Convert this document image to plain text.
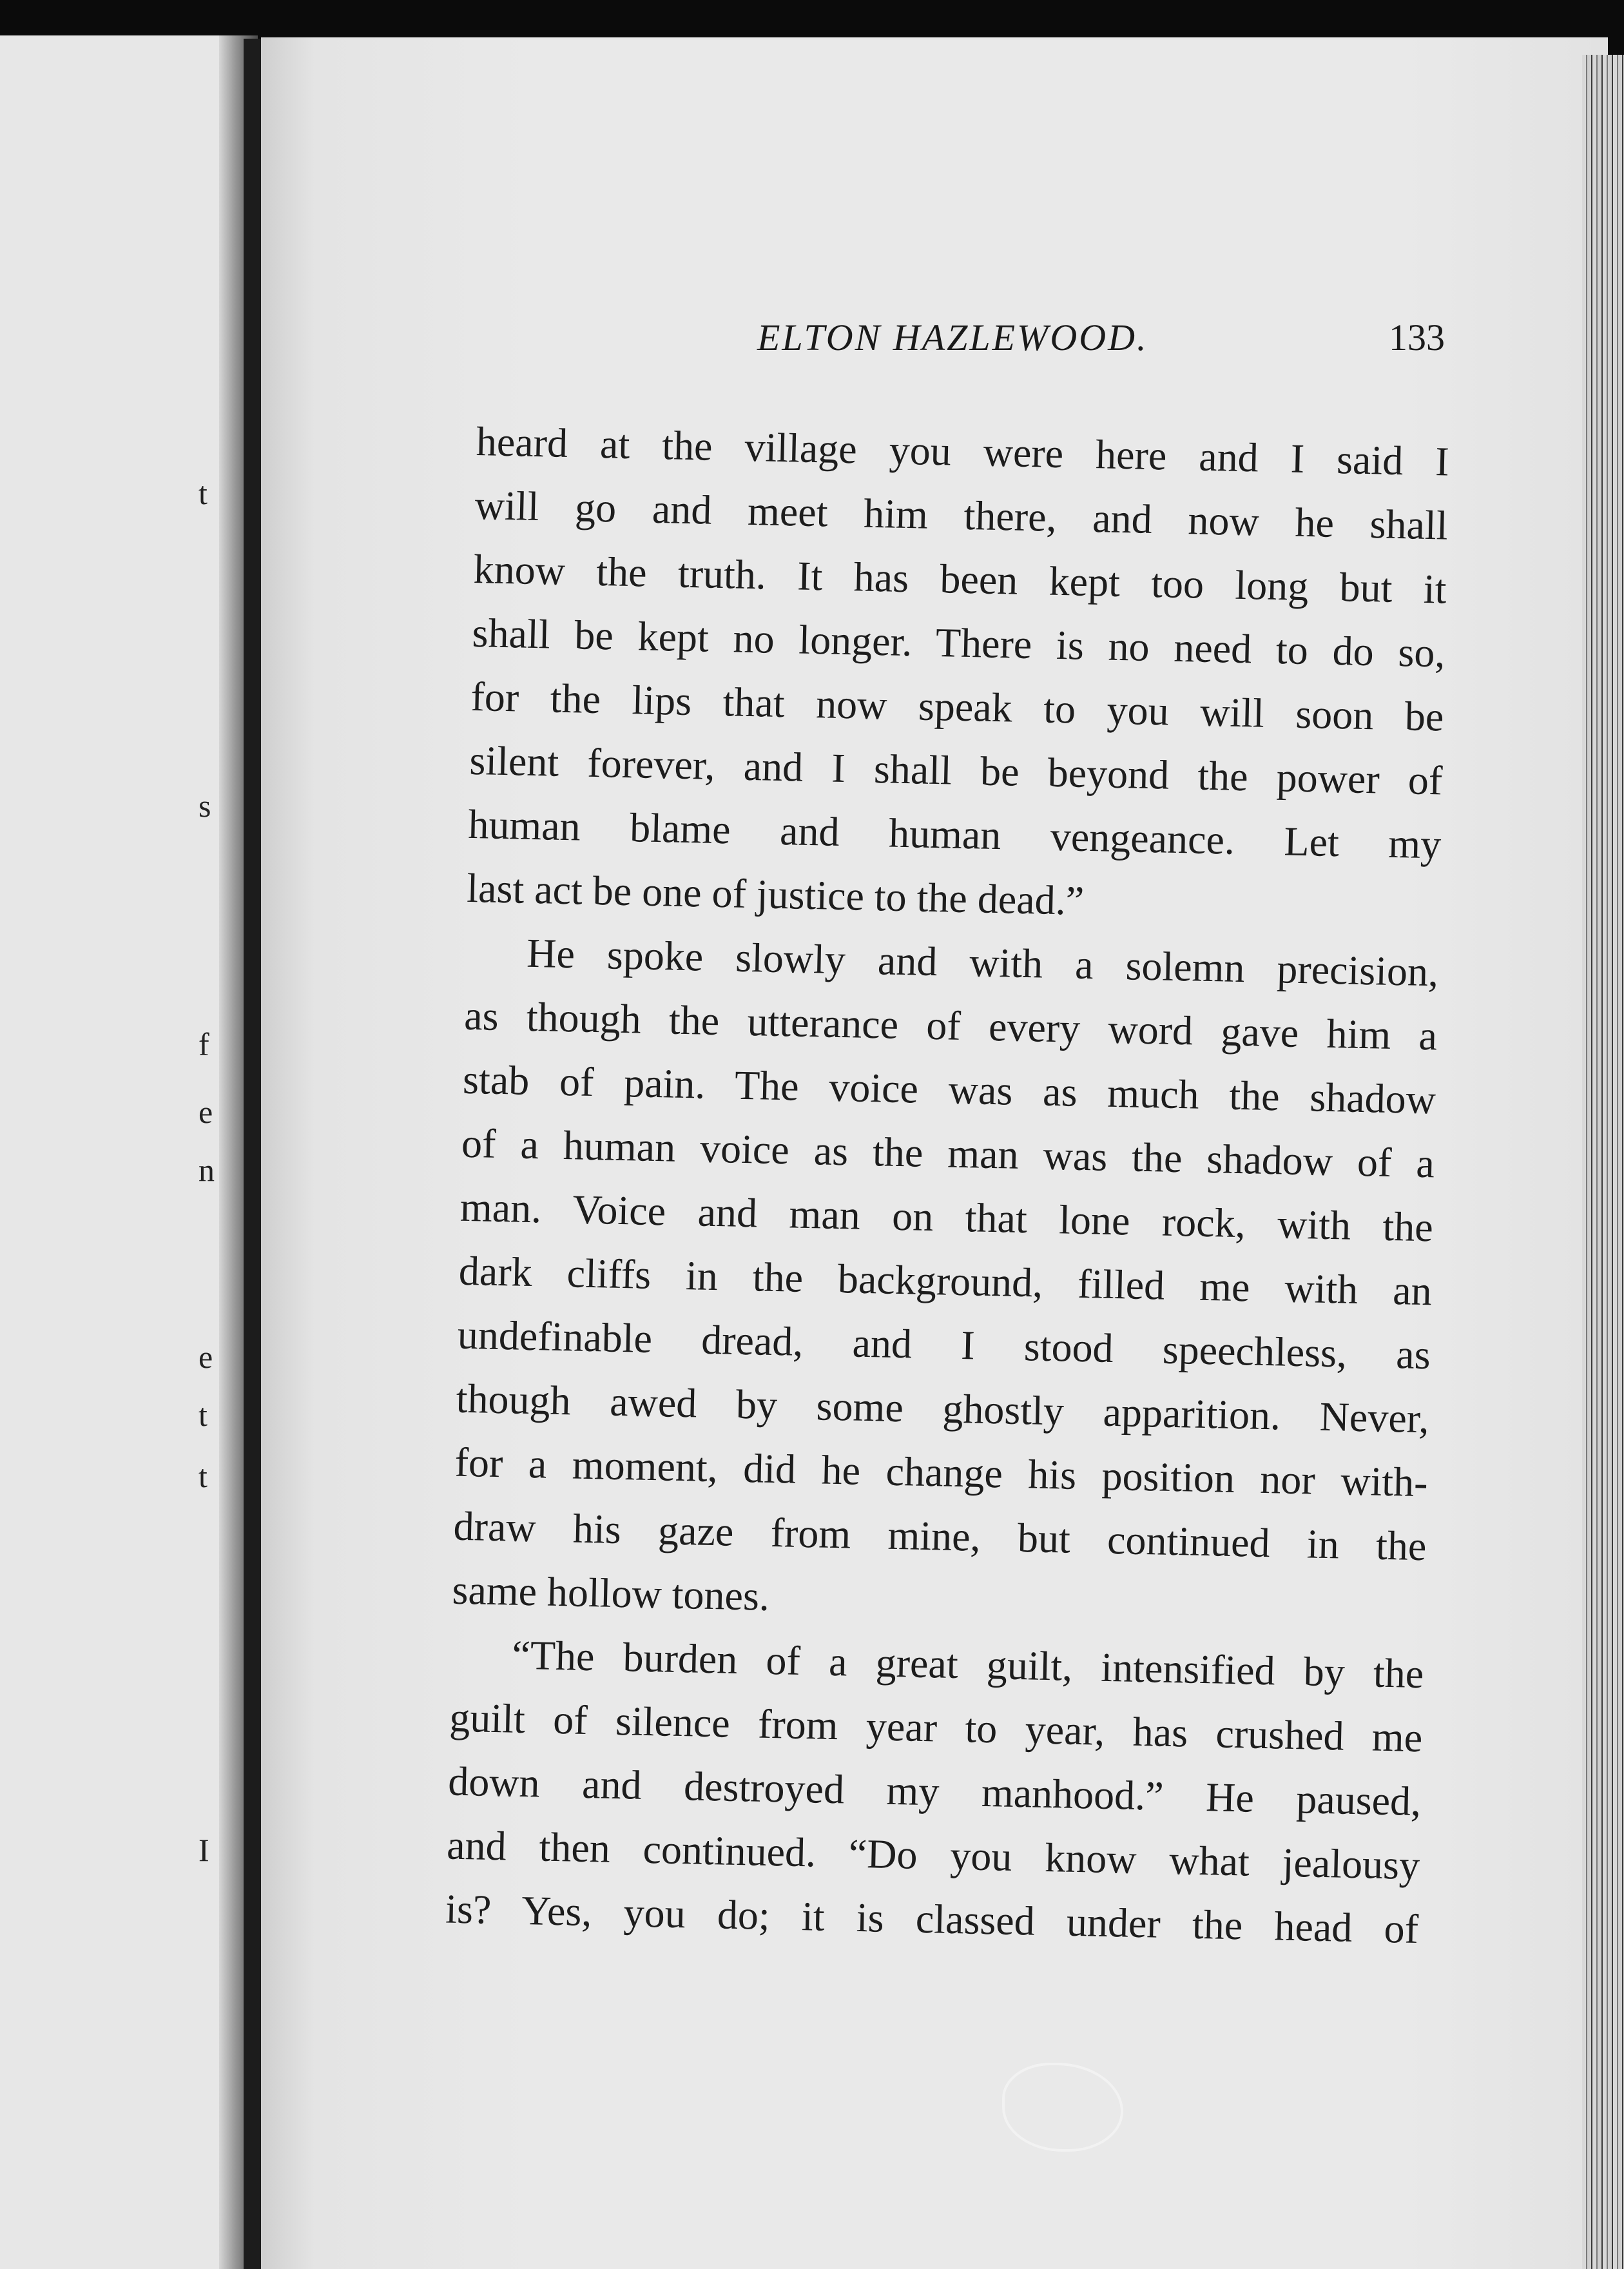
t
s
f
e
n
e
t
t
I
ELTON HAZLEWOOD.	133
heard at the village you were here and I said I
will go and meet him there, and now he shall
know the truth. It has been kept too long but it
shall be kept no longer. There is no need to do so,
for the lips that now speak to you will soon be
silent forever, and I shall be beyond the power of
human blame and human vengeance. Let my
last act be one of justice to the dead.”
He spoke slowly and with a solemn precision,
as though the utterance of every word gave him a
stab of pain. The voice was as much the shadow
of a human voice as the man was the shadow of a
man. Voice and man on that lone rock, with the
dark cliffs in the background, filled me with an
undefinable dread, and I stood speechless, as
though awed by some ghostly apparition. Never,
for a moment, did he change his position nor with-
draw his gaze from mine, but continued in the
same hollow tones.
“The burden of a great guilt, intensified by the
guilt of silence from year to year, has crushed me
down and destroyed my manhood.” He paused,
and then continued. “Do you know what jealousy
is? Yes, you do; it is classed under the head of
